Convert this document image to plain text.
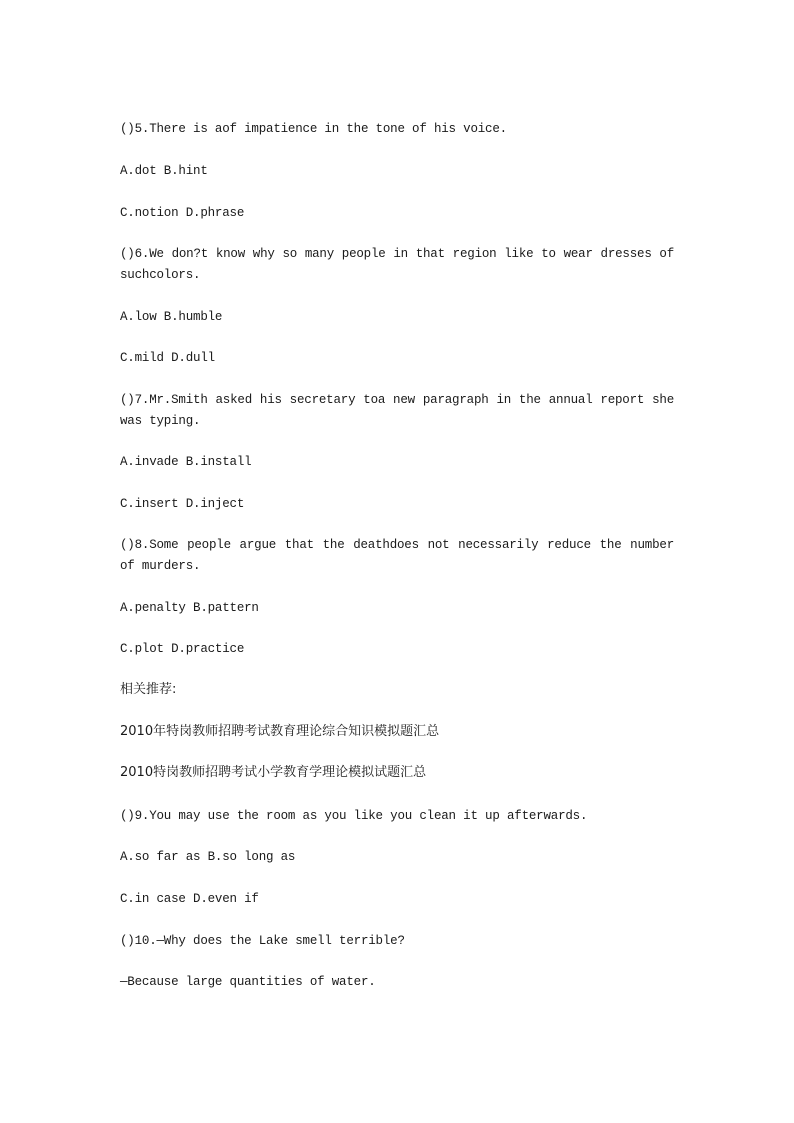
()5.There is aof impatience in the tone of his voice.
A.dot B.hint
C.notion D.phrase
()6.We don?t know why so many people in that region like to wear dresses of suchcolors.
A.low B.humble
C.mild D.dull
()7.Mr.Smith asked his secretary toa new paragraph in the annual report she was typing.
A.invade B.install
C.insert D.inject
()8.Some people argue that the deathdoes not necessarily reduce the number of murders.
A.penalty B.pattern
C.plot D.practice
相关推荐:
2010年特岗教师招聘考试教育理论综合知识模拟题汇总
2010特岗教师招聘考试小学教育学理论模拟试题汇总
()9.You may use the room as you like you clean it up afterwards.
A.so far as B.so long as
C.in case D.even if
()10.—Why does the Lake smell terrible?
—Because large quantities of water.
